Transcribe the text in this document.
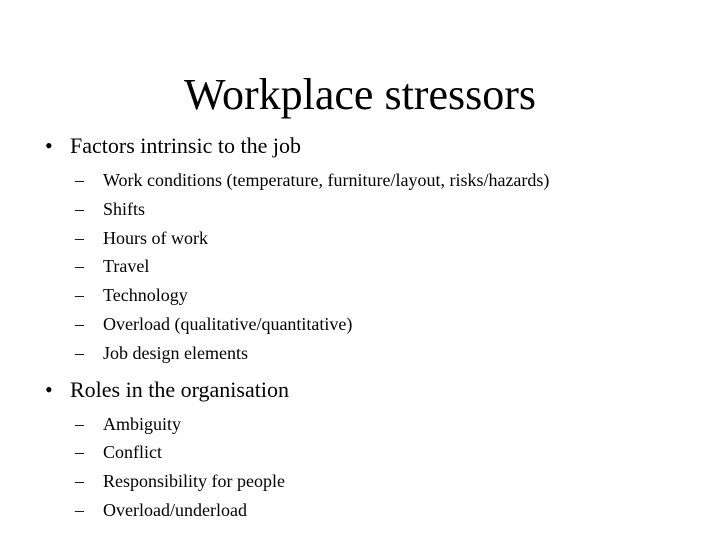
Workplace stressors
• Factors intrinsic to the job
–	Work conditions (temperature, furniture/layout, risks/hazards)
–	Shifts
–	Hours of work
–	Travel
–	Technology
–	Overload (qualitative/quantitative)
–	Job design elements
• Roles in the organisation
–	Ambiguity
–	Conflict
–	Responsibility for people
–	Overload/underload
